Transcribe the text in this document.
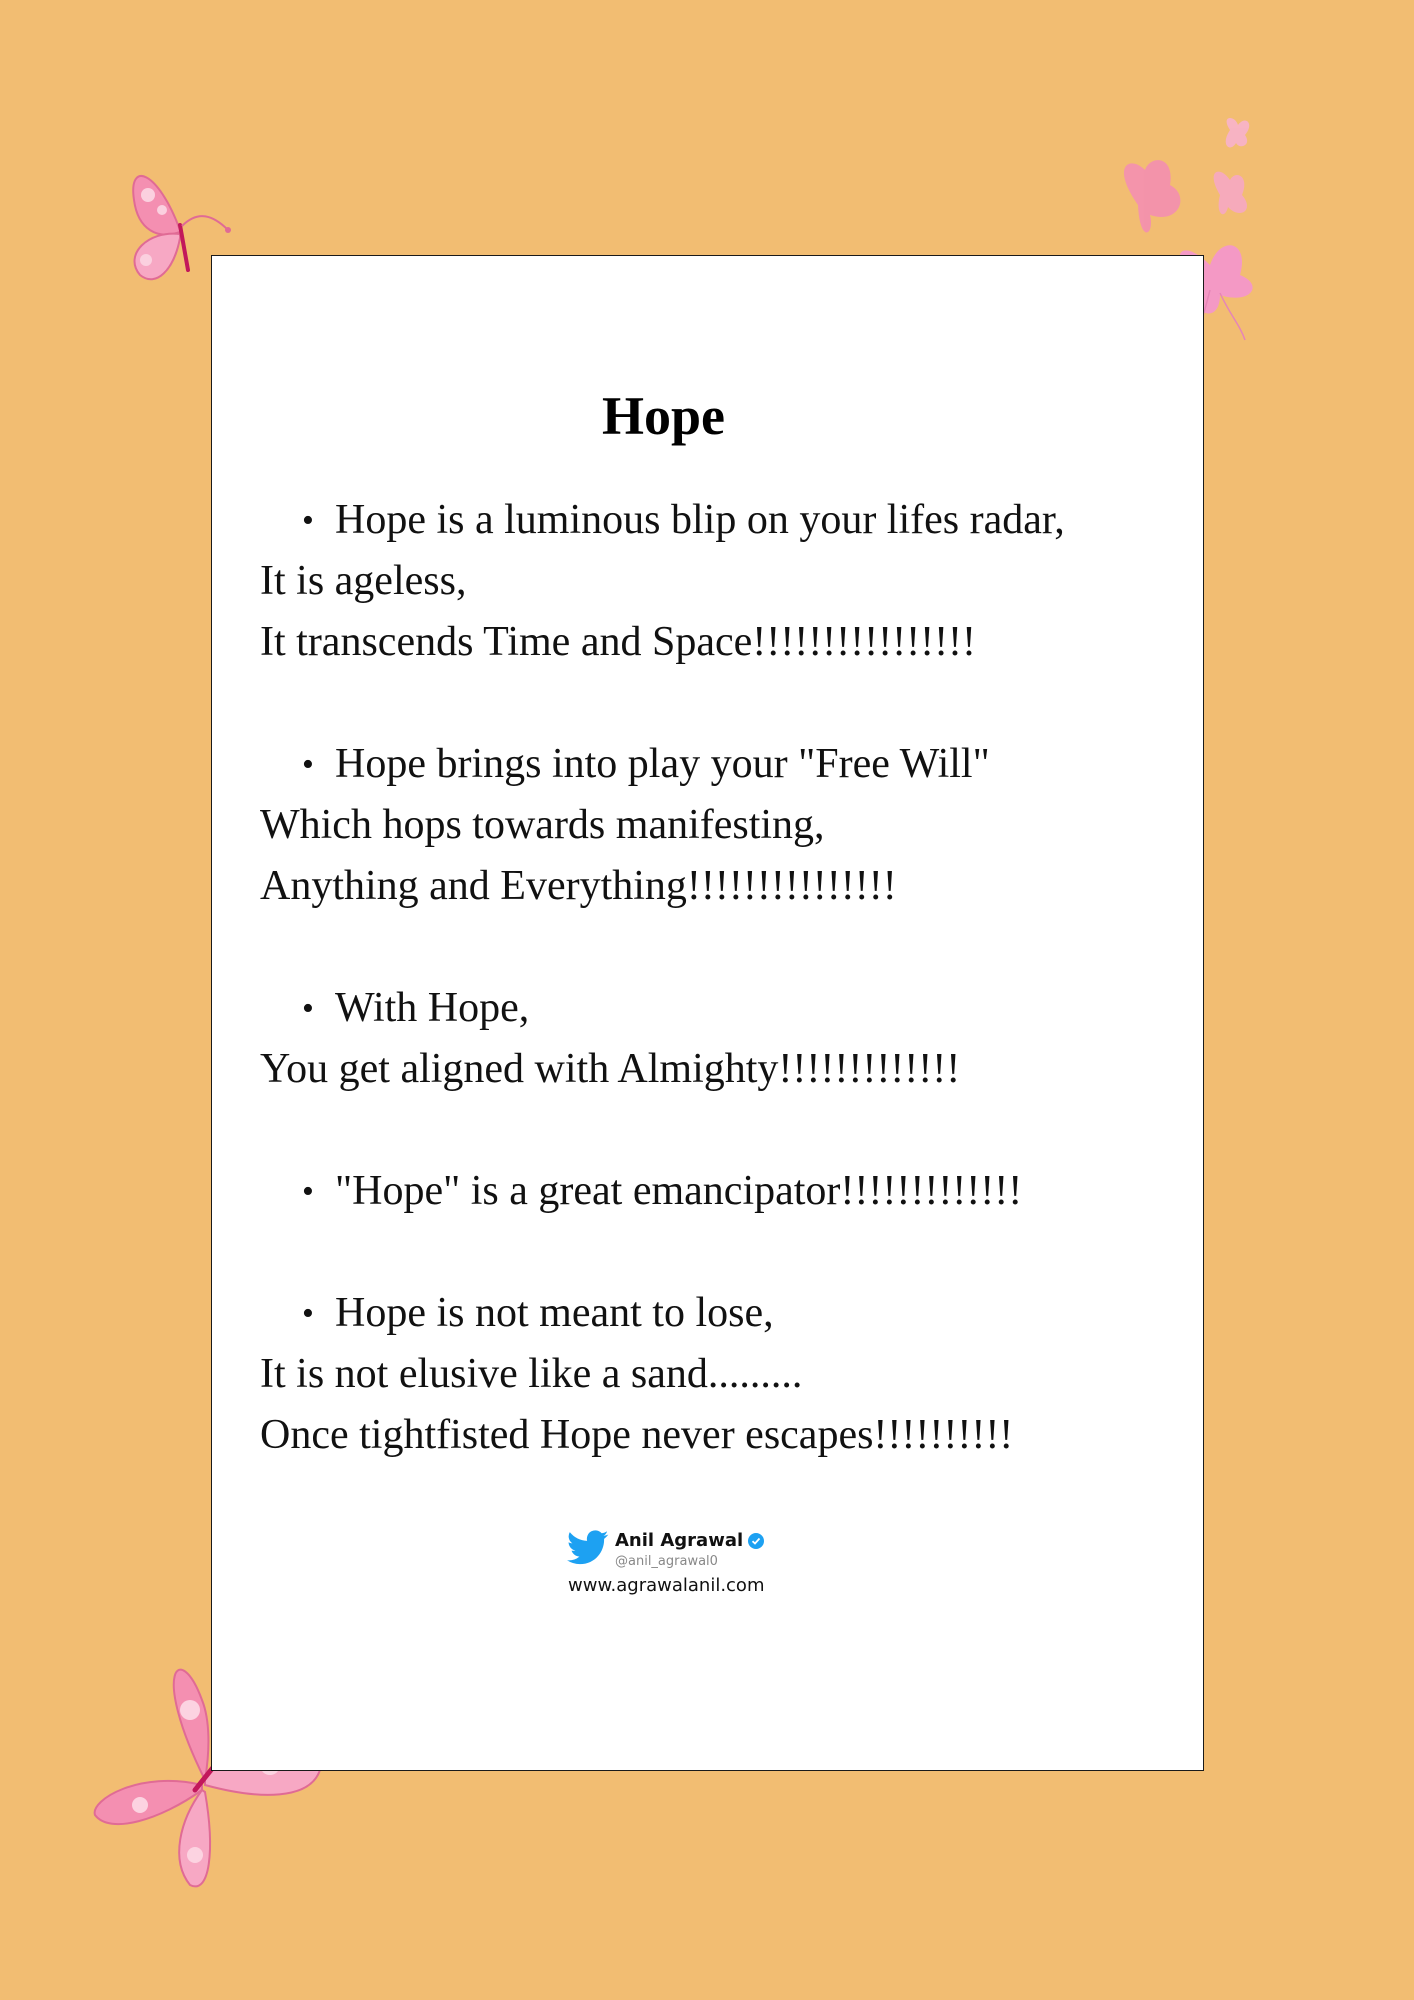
Hope
• Hope is a luminous blip on your lifes radar,
It is ageless,
It transcends Time and Space!!!!!!!!!!!!!!!!
• Hope brings into play your "Free Will"
Which hops towards manifesting,
Anything and Everything!!!!!!!!!!!!!!!
• With Hope,
You get aligned with Almighty!!!!!!!!!!!!!
• "Hope" is a great emancipator!!!!!!!!!!!!!
• Hope is not meant to lose,
It is not elusive like a sand.........
Once tightfisted Hope never escapes!!!!!!!!!!
Anil Agrawal
@anil_agrawal0
www.agrawalanil.com
